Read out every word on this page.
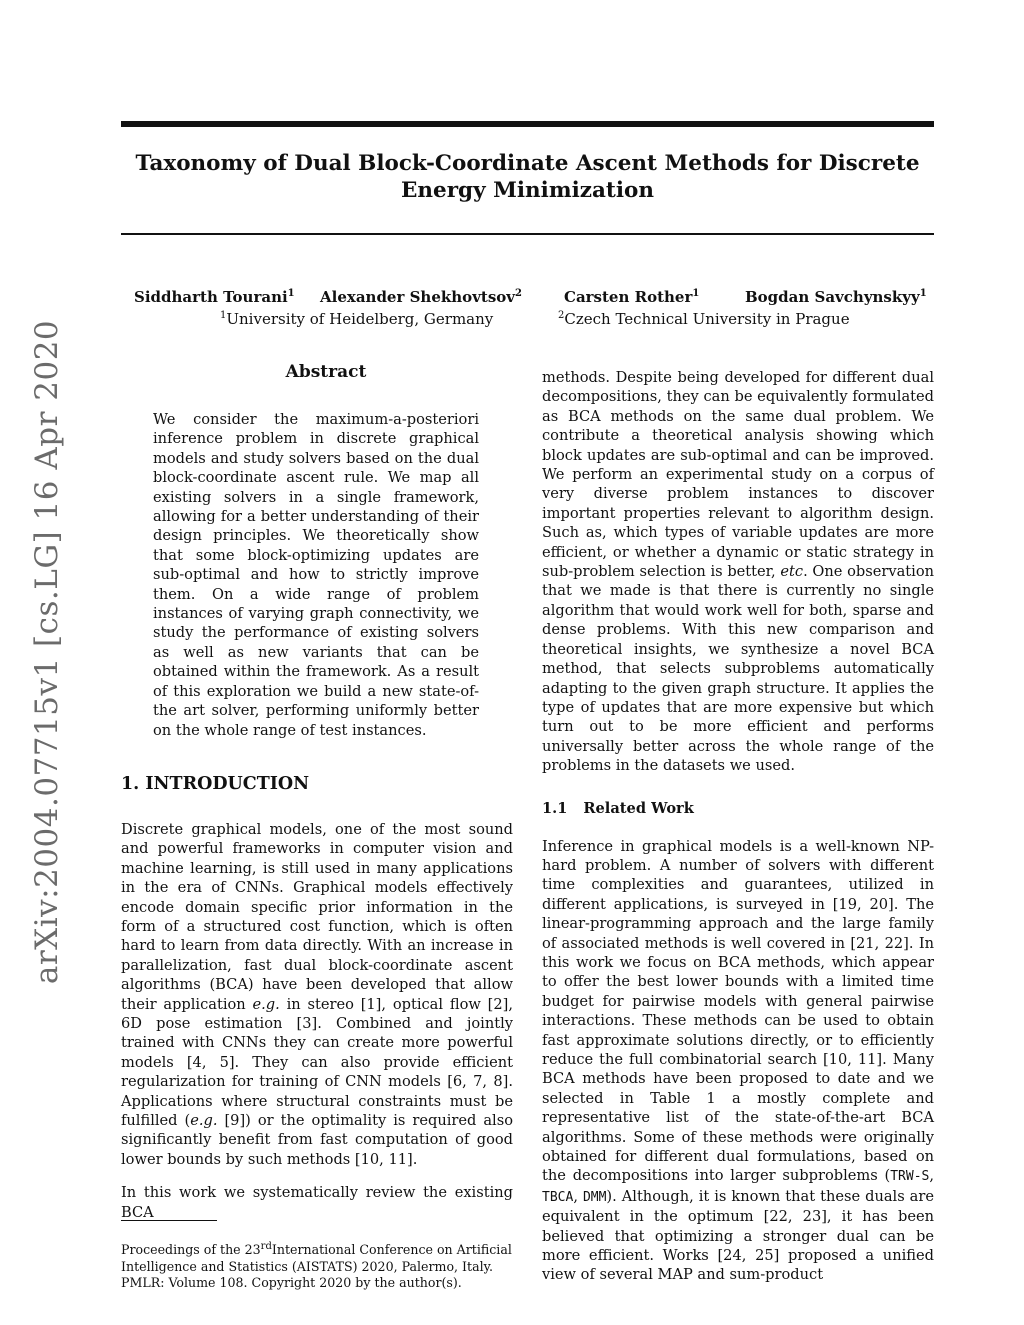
Taxonomy of Dual Block-Coordinate Ascent Methods for Discrete
Energy Minimization
Siddharth Tourani$^1$ Alexander Shekhovtsov$^2$	Carsten Rother$^1$	Bogdan Savchynskyy$^1$
$^1$University of Heidelberg, Germany	$^2$Czech Technical University in Prague
arXiv:2004.07715v1 [cs.LG] 16 Apr 2020	Abstract

We consider the maximum-a-posteriori inference problem in discrete graphical models and study solvers based on the dual block-coordinate ascent rule. We map all existing solvers in a single framework, allowing for a better understanding of their design principles. We theoretically show that some block-optimizing updates are sub-optimal and how to strictly improve them. On a wide range of problem instances of varying graph connectivity, we study the performance of existing solvers as well as new variants that can be obtained within the framework. As a result of this exploration we build a new state-of-the art solver, performing uniformly better on the whole range of test instances.

1. INTRODUCTION

Discrete graphical models, one of the most sound and powerful frameworks in computer vision and machine learning, is still used in many applications in the era of CNNs. Graphical models effectively encode domain specific prior information in the form of a structured cost function, which is often hard to learn from data directly. With an increase in parallelization, fast dual block-coordinate ascent algorithms (BCA) have been developed that allow their application e.g. in stereo [1], optical flow [2], 6D pose estimation [3]. Combined and jointly trained with CNNs they can create more powerful models [4, 5]. They can also provide efficient regularization for training of CNN models [6, 7, 8]. Applications where structural constraints must be fulfilled (e.g. [9]) or the optimality is required also significantly benefit from fast computation of good lower bounds by such methods [10, 11].

In this work we systematically review the existing BCA

Proceedings of the 23rdInternational Conference on Artificial Intelligence and Statistics (AISTATS) 2020, Palermo, Italy. PMLR: Volume 108. Copyright 2020 by the author(s).

methods. Despite being developed for different dual decompositions, they can be equivalently formulated as BCA methods on the same dual problem. We contribute a theoretical analysis showing which block updates are sub-optimal and can be improved. We perform an experimental study on a corpus of very diverse problem instances to discover important properties relevant to algorithm design. Such as, which types of variable updates are more efficient, or whether a dynamic or static strategy in sub-problem selection is better, etc. One observation that we made is that there is currently no single algorithm that would work well for both, sparse and dense problems. With this new comparison and theoretical insights, we synthesize a novel BCA method, that selects subproblems automatically adapting to the given graph structure. It applies the type of updates that are more expensive but which turn out to be more efficient and performs universally better across the whole range of the problems in the datasets we used.

1.1 Related Work

Inference in graphical models is a well-known NP-hard problem. A number of solvers with different time complexities and guarantees, utilized in different applications, is surveyed in [19, 20]. The linear-programming approach and the large family of associated methods is well covered in [21, 22]. In this work we focus on BCA methods, which appear to offer the best lower bounds with a limited time budget for pairwise models with general pairwise interactions. These methods can be used to obtain fast approximate solutions directly, or to efficiently reduce the full combinatorial search [10, 11]. Many BCA methods have been proposed to date and we selected in Table 1 a mostly complete and representative list of the state-of-the-art BCA algorithms. Some of these methods were originally obtained for different dual formulations, based on the decompositions into larger subproblems (TRW-S, TBCA, DMM). Although, it is known that these duals are equivalent in the optimum [22, 23], it has been believed that optimizing a stronger dual can be more efficient. Works [24, 25] proposed a unified view of several MAP and sum-product
